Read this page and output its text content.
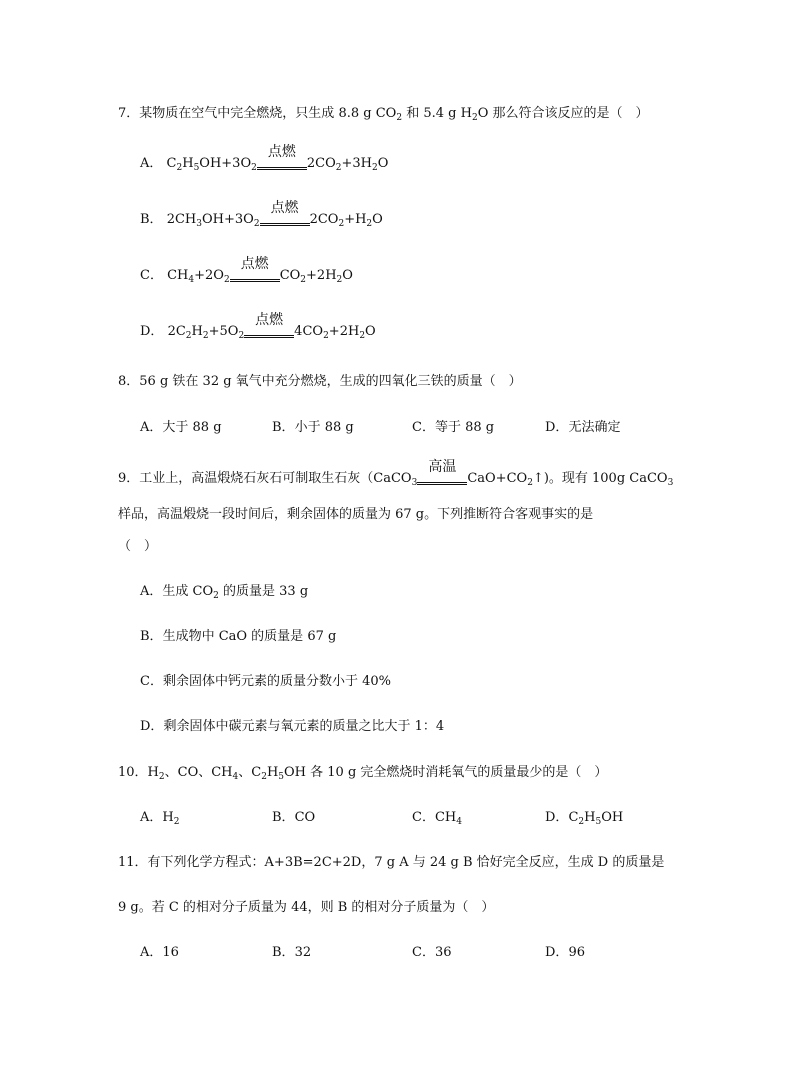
7．某物质在空气中完全燃烧，只生成 8.8 g $CO_2$ 和 5.4 g $H_2O$ 那么符合该反应的是（　）
A． $C_2H_5OH+3O_2$
点燃
$2CO_2+3H_2O$
B． $2CH_3OH+3O_2$
点燃
$2CO_2+H_2O$
C． $CH_4+2O_2$
点燃
$CO_2+2H_2O$
D． $2C_2H_2+5O_2$
点燃
$4CO_2+2H_2O$
8．56 g 铁在 32 g 氧气中充分燃烧，生成的四氧化三铁的质量（　）
A．大于 88 g	B．小于 88 g	C．等于 88 g	D．无法确定
9．工业上，高温煅烧石灰石可制取生石灰（CaCO$_3$
高温
$CaO+CO_2↑$)。现有 100g CaCO$_3$
样品，高温煅烧一段时间后，剩余固体的质量为 67 g。下列推断符合客观事实的是
（　）
A．生成 $CO_2$ 的质量是 33 g
B．生成物中 CaO 的质量是 67 g
C．剩余固体中钙元素的质量分数小于 40%
D．剩余固体中碳元素与氧元素的质量之比大于 1：4
10．$H_2$、CO、$CH_4$、$C_2H_5OH$ 各 10 g 完全燃烧时消耗氧气的质量最少的是（　）
A．$H_2$	B．CO	C．$CH_4$	D．$C_2H_5OH$
11．有下列化学方程式：A+3B=2C+2D，7 g A 与 24 g B 恰好完全反应，生成 D 的质量是
9 g。若 C 的相对分子质量为 44，则 B 的相对分子质量为（　）
A．16	B．32	C．36	D．96
